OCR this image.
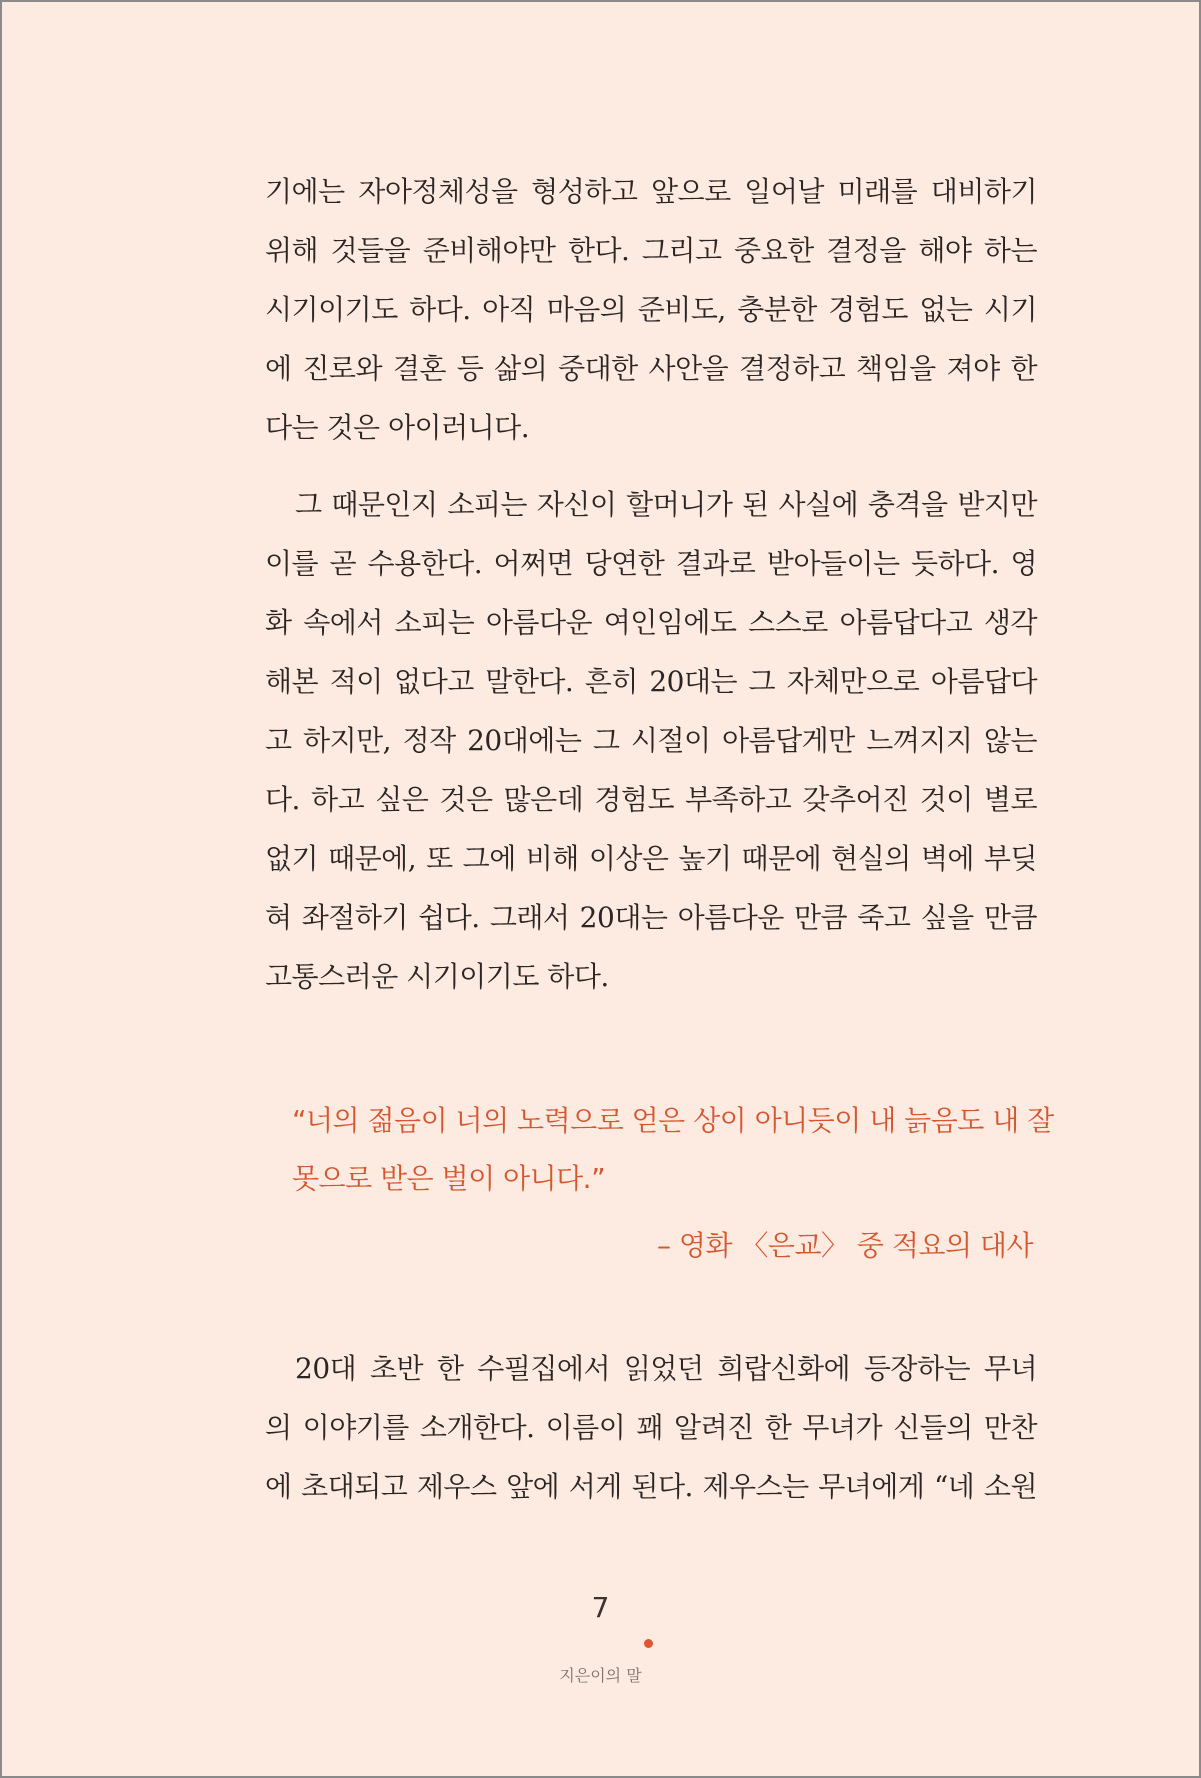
기에는 자아정체성을 형성하고 앞으로 일어날 미래를 대비하기
위해 것들을 준비해야만 한다. 그리고 중요한 결정을 해야 하는
시기이기도 하다. 아직 마음의 준비도, 충분한 경험도 없는 시기
에 진로와 결혼 등 삶의 중대한 사안을 결정하고 책임을 져야 한
다는 것은 아이러니다.
그 때문인지 소피는 자신이 할머니가 된 사실에 충격을 받지만
이를 곧 수용한다. 어쩌면 당연한 결과로 받아들이는 듯하다. 영
화 속에서 소피는 아름다운 여인임에도 스스로 아름답다고 생각
해본 적이 없다고 말한다. 흔히 20대는 그 자체만으로 아름답다
고 하지만, 정작 20대에는 그 시절이 아름답게만 느껴지지 않는
다. 하고 싶은 것은 많은데 경험도 부족하고 갖추어진 것이 별로
없기 때문에, 또 그에 비해 이상은 높기 때문에 현실의 벽에 부딪
혀 좌절하기 쉽다. 그래서 20대는 아름다운 만큼 죽고 싶을 만큼
고통스러운 시기이기도 하다.
“너의 젊음이 너의 노력으로 얻은 상이 아니듯이 내 늙음도 내 잘
못으로 받은 벌이 아니다.”
– 영화 〈은교〉 중 적요의 대사
20대 초반 한 수필집에서 읽었던 희랍신화에 등장하는 무녀
의 이야기를 소개한다. 이름이 꽤 알려진 한 무녀가 신들의 만찬
에 초대되고 제우스 앞에 서게 된다. 제우스는 무녀에게 “네 소원
7
지은이의 말
